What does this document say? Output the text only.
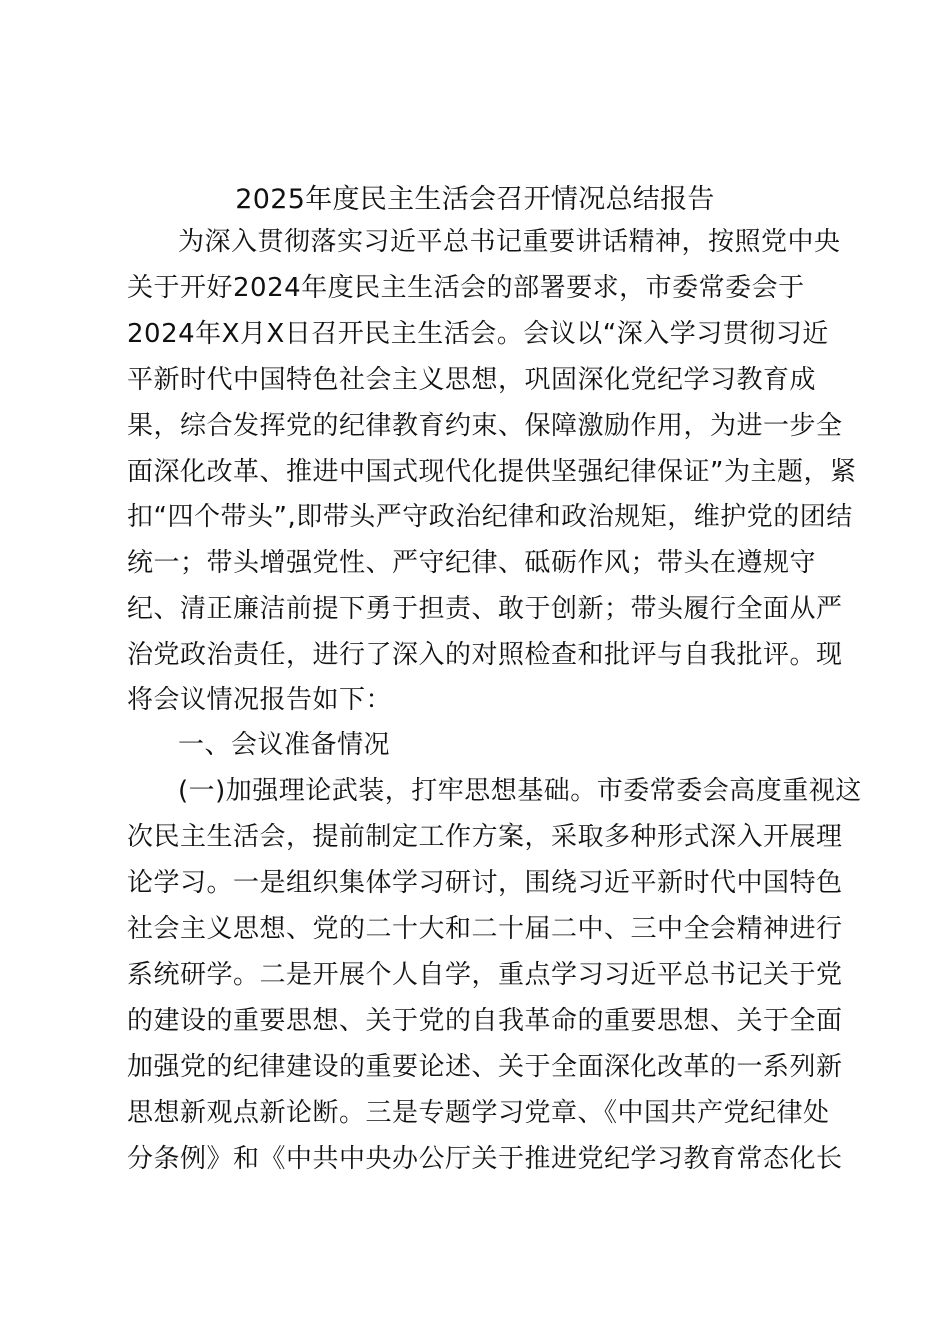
2025年度民主生活会召开情况总结报告
为深入贯彻落实习近平总书记重要讲话精神，按照党中央
关于开好2024年度民主生活会的部署要求，市委常委会于
2024年X月X日召开民主生活会。会议以“深入学习贯彻习近
平新时代中国特色社会主义思想，巩固深化党纪学习教育成
果，综合发挥党的纪律教育约束、保障激励作用，为进一步全
面深化改革、推进中国式现代化提供坚强纪律保证”为主题，紧
扣“四个带头”,即带头严守政治纪律和政治规矩，维护党的团结
统一；带头增强党性、严守纪律、砥砺作风；带头在遵规守
纪、清正廉洁前提下勇于担责、敢于创新；带头履行全面从严
治党政治责任，进行了深入的对照检查和批评与自我批评。现
将会议情况报告如下：
一、会议准备情况
(一)加强理论武装，打牢思想基础。市委常委会高度重视这
次民主生活会，提前制定工作方案，采取多种形式深入开展理
论学习。一是组织集体学习研讨，围绕习近平新时代中国特色
社会主义思想、党的二十大和二十届二中、三中全会精神进行
系统研学。二是开展个人自学，重点学习习近平总书记关于党
的建设的重要思想、关于党的自我革命的重要思想、关于全面
加强党的纪律建设的重要论述、关于全面深化改革的一系列新
思想新观点新论断。三是专题学习党章、《中国共产党纪律处
分条例》和《中共中央办公厅关于推进党纪学习教育常态化长
